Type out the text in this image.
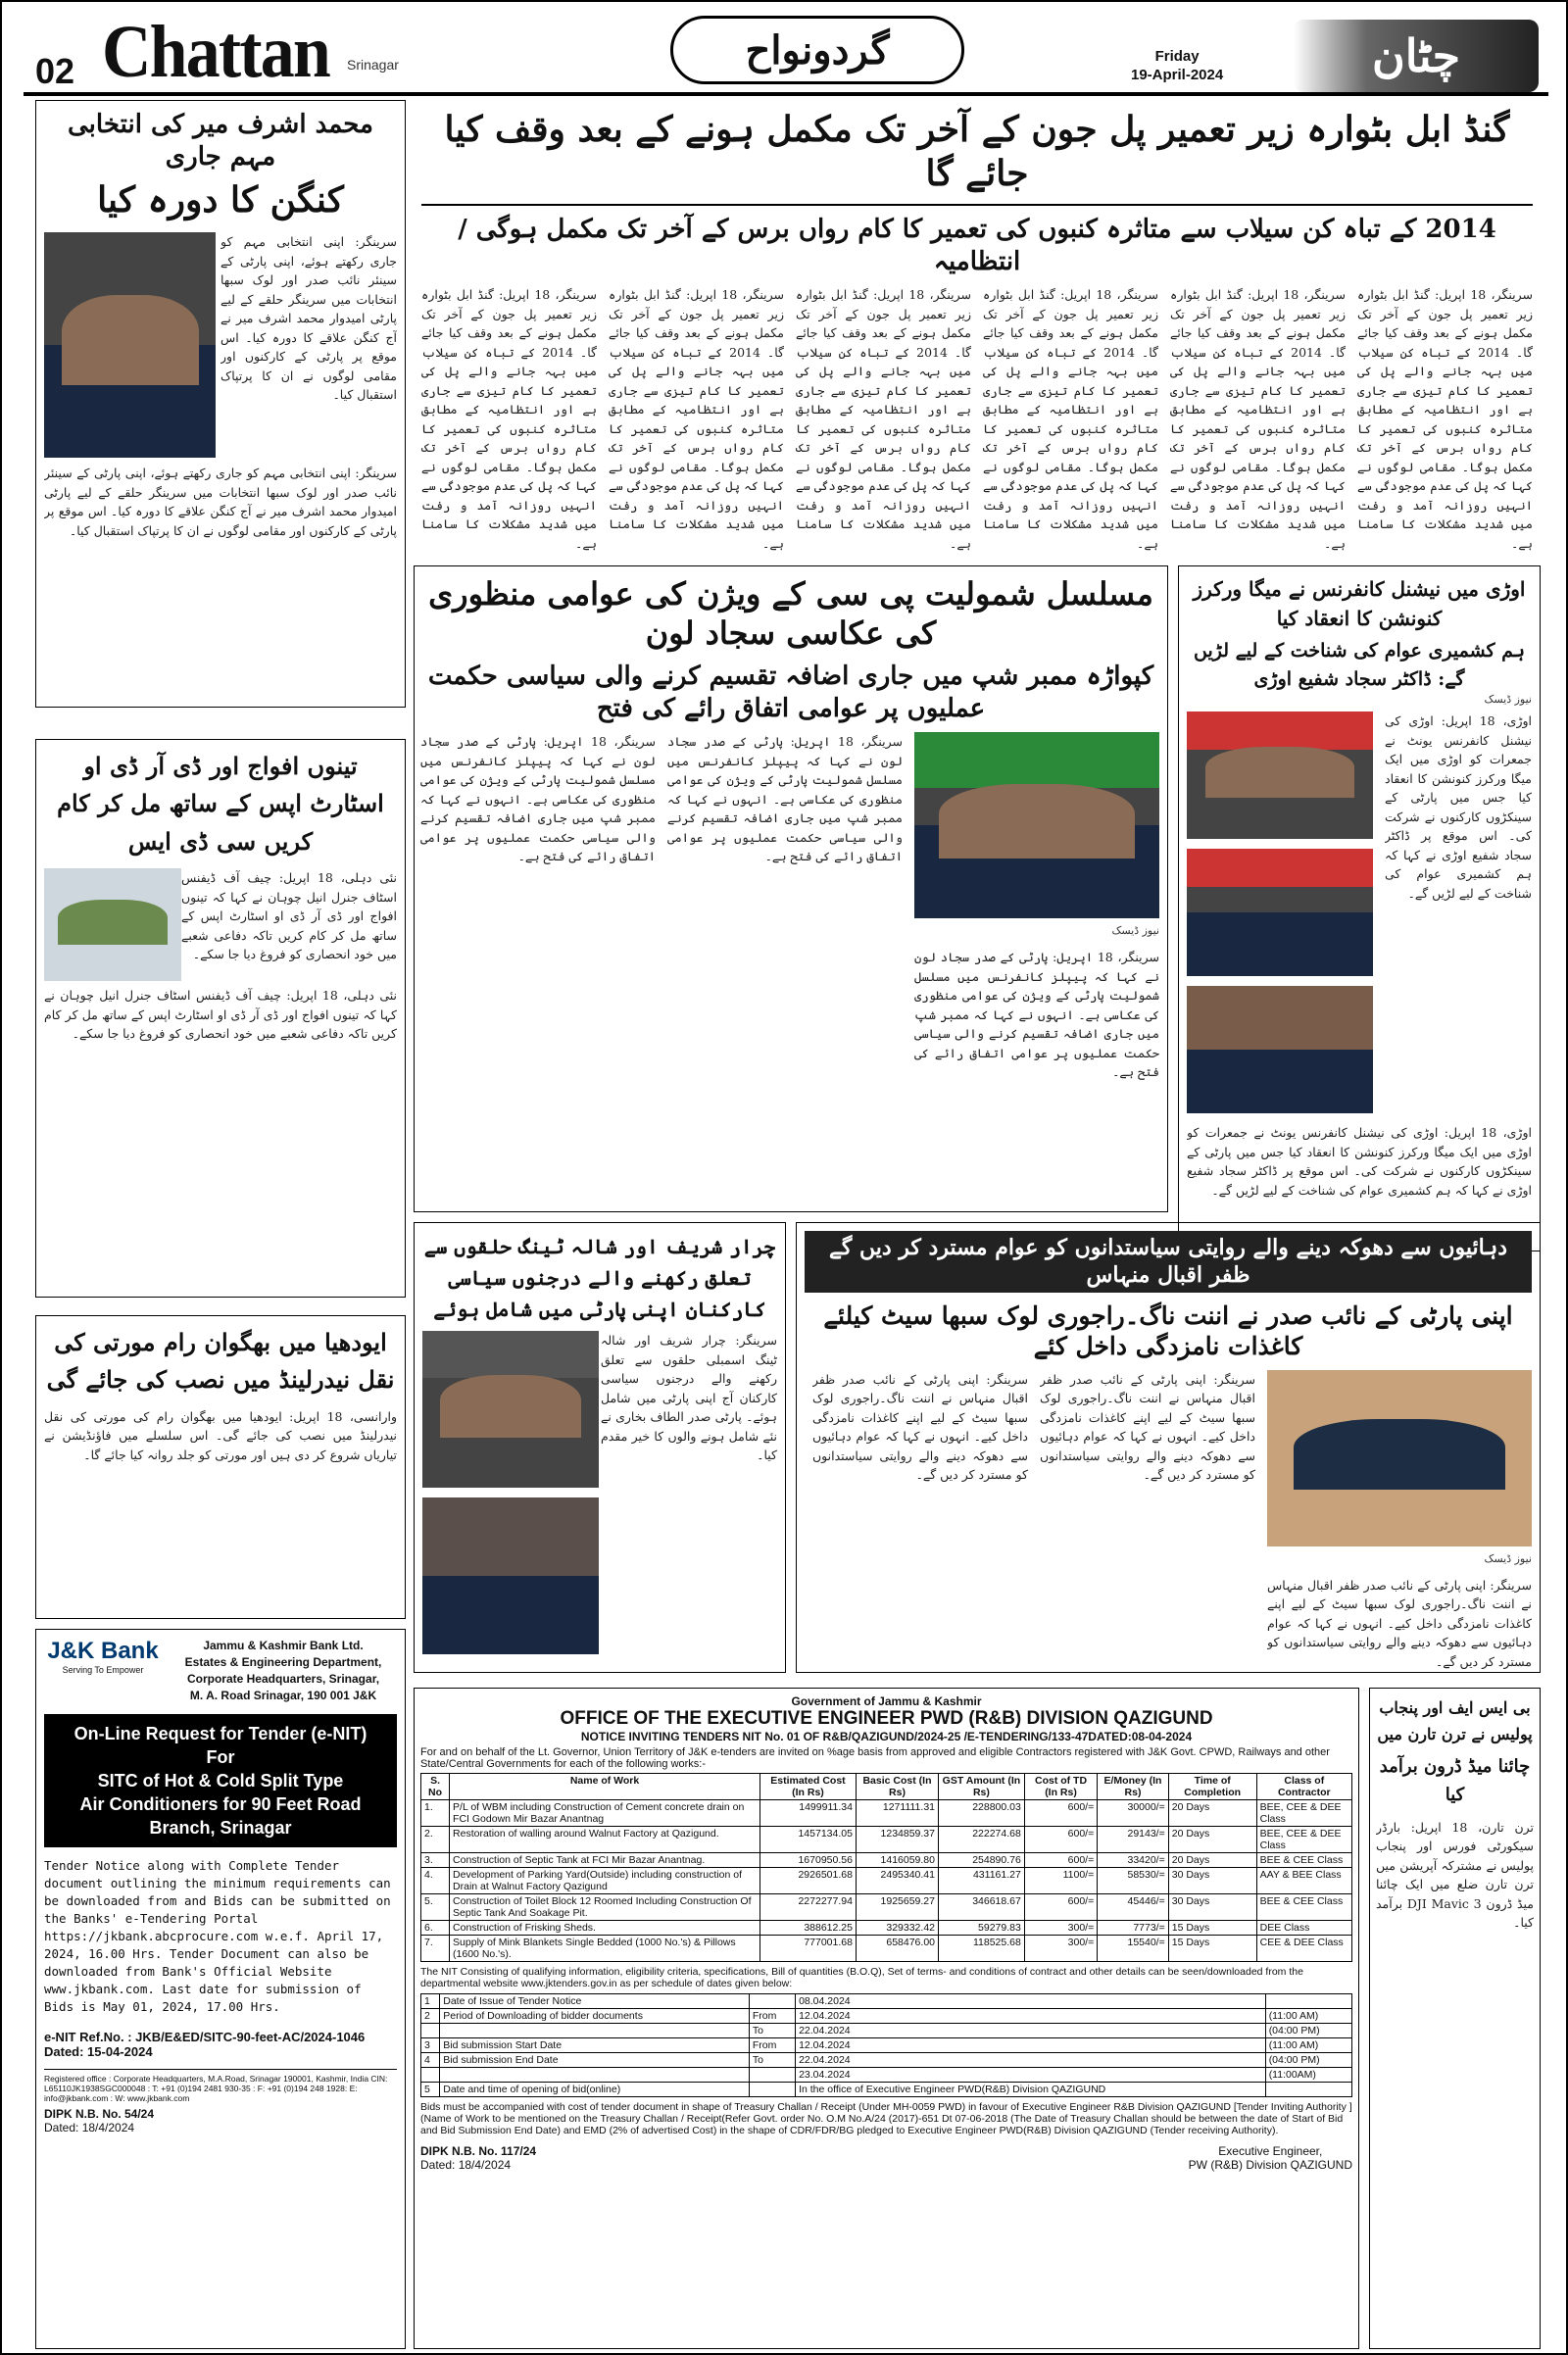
02 Chattan Srinagar	گردونواح	Friday
19-April-2024	چٹان
محمد اشرف میر کی انتخابی مہم جاری
کنگن کا دورہ کیا
سرینگر: اپنی انتخابی مہم کو جاری رکھتے ہوئے، اپنی پارٹی کے سینئر نائب صدر اور لوک سبھا انتخابات میں سرینگر حلقے کے لیے پارٹی امیدوار محمد اشرف میر نے آج کنگن علاقے کا دورہ کیا۔ اس موقع پر پارٹی کے کارکنوں اور مقامی لوگوں نے ان کا پرتپاک استقبال کیا۔
سرینگر: اپنی انتخابی مہم کو جاری رکھتے ہوئے، اپنی پارٹی کے سینئر نائب صدر اور لوک سبھا انتخابات میں سرینگر حلقے کے لیے پارٹی امیدوار محمد اشرف میر نے آج کنگن علاقے کا دورہ کیا۔ اس موقع پر پارٹی کے کارکنوں اور مقامی لوگوں نے ان کا پرتپاک استقبال کیا۔
تینوں افواج اور ڈی آر ڈی او اسٹارٹ اپس کے ساتھ مل کر کام کریں سی ڈی ایس
نئی دہلی، 18 اپریل: چیف آف ڈیفنس اسٹاف جنرل انیل چوہان نے کہا کہ تینوں افواج اور ڈی آر ڈی او اسٹارٹ اپس کے ساتھ مل کر کام کریں تاکہ دفاعی شعبے میں خود انحصاری کو فروغ دیا جا سکے۔
نئی دہلی، 18 اپریل: چیف آف ڈیفنس اسٹاف جنرل انیل چوہان نے کہا کہ تینوں افواج اور ڈی آر ڈی او اسٹارٹ اپس کے ساتھ مل کر کام کریں تاکہ دفاعی شعبے میں خود انحصاری کو فروغ دیا جا سکے۔
ایودھیا میں بھگوان رام مورتی کی نقل نیدرلینڈ میں نصب کی جائے گی
وارانسی، 18 اپریل: ایودھیا میں بھگوان رام کی مورتی کی نقل نیدرلینڈ میں نصب کی جائے گی۔ اس سلسلے میں فاؤنڈیشن نے تیاریاں شروع کر دی ہیں اور مورتی کو جلد روانہ کیا جائے گا۔
J&K Bank
Serving To Empower
Jammu & Kashmir Bank Ltd.
Estates & Engineering Department,
Corporate Headquarters, Srinagar,
M. A. Road Srinagar, 190 001 J&K
On-Line Request for Tender (e-NIT)
For
SITC of Hot & Cold Split Type
Air Conditioners for 90 Feet Road
Branch, Srinagar
Tender Notice along with Complete Tender document outlining the minimum requirements can be downloaded from and Bids can be submitted on the Banks' e-Tendering Portal https://jkbank.abcprocure.com w.e.f. April 17, 2024, 16.00 Hrs. Tender Document can also be downloaded from Bank's Official Website www.jkbank.com. Last date for submission of Bids is May 01, 2024, 17.00 Hrs.
e-NIT Ref.No. : JKB/E&ED/SITC-90-feet-AC/2024-1046
Dated: 15-04-2024
Registered office : Corporate Headquarters, M.A.Road, Srinagar 190001, Kashmir, India CIN: L65110JK1938SGC000048 : T: +91 (0)194 2481 930-35 : F: +91 (0)194 248 1928: E: info@jkbank.com : W: www.jkbank.com
DIPK N.B. No. 54/24
Dated: 18/4/2024
گنڈ ابل بٹوارہ زیر تعمیر پل جون کے آخر تک مکمل ہونے کے بعد وقف کیا جائے گا
2014 کے تباہ کن سیلاب سے متاثرہ کنبوں کی تعمیر کا کام رواں برس کے آخر تک مکمل ہوگی / انتظامیہ
سرینگر، 18 اپریل: گنڈ ابل بٹوارہ زیر تعمیر پل جون کے آخر تک مکمل ہونے کے بعد وقف کیا جائے گا۔ 2014 کے تباہ کن سیلاب میں بہہ جانے والے پل کی تعمیر کا کام تیزی سے جاری ہے اور انتظامیہ کے مطابق متاثرہ کنبوں کی تعمیر کا کام رواں برس کے آخر تک مکمل ہوگا۔ مقامی لوگوں نے کہا کہ پل کی عدم موجودگی سے انہیں روزانہ آمد و رفت میں شدید مشکلات کا سامنا ہے۔
سرینگر، 18 اپریل: گنڈ ابل بٹوارہ زیر تعمیر پل جون کے آخر تک مکمل ہونے کے بعد وقف کیا جائے گا۔ 2014 کے تباہ کن سیلاب میں بہہ جانے والے پل کی تعمیر کا کام تیزی سے جاری ہے اور انتظامیہ کے مطابق متاثرہ کنبوں کی تعمیر کا کام رواں برس کے آخر تک مکمل ہوگا۔ مقامی لوگوں نے کہا کہ پل کی عدم موجودگی سے انہیں روزانہ آمد و رفت میں شدید مشکلات کا سامنا ہے۔
سرینگر، 18 اپریل: گنڈ ابل بٹوارہ زیر تعمیر پل جون کے آخر تک مکمل ہونے کے بعد وقف کیا جائے گا۔ 2014 کے تباہ کن سیلاب میں بہہ جانے والے پل کی تعمیر کا کام تیزی سے جاری ہے اور انتظامیہ کے مطابق متاثرہ کنبوں کی تعمیر کا کام رواں برس کے آخر تک مکمل ہوگا۔ مقامی لوگوں نے کہا کہ پل کی عدم موجودگی سے انہیں روزانہ آمد و رفت میں شدید مشکلات کا سامنا ہے۔
سرینگر، 18 اپریل: گنڈ ابل بٹوارہ زیر تعمیر پل جون کے آخر تک مکمل ہونے کے بعد وقف کیا جائے گا۔ 2014 کے تباہ کن سیلاب میں بہہ جانے والے پل کی تعمیر کا کام تیزی سے جاری ہے اور انتظامیہ کے مطابق متاثرہ کنبوں کی تعمیر کا کام رواں برس کے آخر تک مکمل ہوگا۔ مقامی لوگوں نے کہا کہ پل کی عدم موجودگی سے انہیں روزانہ آمد و رفت میں شدید مشکلات کا سامنا ہے۔
سرینگر، 18 اپریل: گنڈ ابل بٹوارہ زیر تعمیر پل جون کے آخر تک مکمل ہونے کے بعد وقف کیا جائے گا۔ 2014 کے تباہ کن سیلاب میں بہہ جانے والے پل کی تعمیر کا کام تیزی سے جاری ہے اور انتظامیہ کے مطابق متاثرہ کنبوں کی تعمیر کا کام رواں برس کے آخر تک مکمل ہوگا۔ مقامی لوگوں نے کہا کہ پل کی عدم موجودگی سے انہیں روزانہ آمد و رفت میں شدید مشکلات کا سامنا ہے۔
سرینگر، 18 اپریل: گنڈ ابل بٹوارہ زیر تعمیر پل جون کے آخر تک مکمل ہونے کے بعد وقف کیا جائے گا۔ 2014 کے تباہ کن سیلاب میں بہہ جانے والے پل کی تعمیر کا کام تیزی سے جاری ہے اور انتظامیہ کے مطابق متاثرہ کنبوں کی تعمیر کا کام رواں برس کے آخر تک مکمل ہوگا۔ مقامی لوگوں نے کہا کہ پل کی عدم موجودگی سے انہیں روزانہ آمد و رفت میں شدید مشکلات کا سامنا ہے۔
اوڑی میں نیشنل کانفرنس نے میگا ورکرز کنونشن کا انعقاد کیا
ہم کشمیری عوام کی شناخت کے لیے لڑیں گے: ڈاکٹر سجاد شفیع اوڑی
نیوز ڈیسک
اوڑی، 18 اپریل: اوڑی کی نیشنل کانفرنس یونٹ نے جمعرات کو اوڑی میں ایک میگا ورکرز کنونشن کا انعقاد کیا جس میں پارٹی کے سینکڑوں کارکنوں نے شرکت کی۔ اس موقع پر ڈاکٹر سجاد شفیع اوڑی نے کہا کہ ہم کشمیری عوام کی شناخت کے لیے لڑیں گے۔
اوڑی، 18 اپریل: اوڑی کی نیشنل کانفرنس یونٹ نے جمعرات کو اوڑی میں ایک میگا ورکرز کنونشن کا انعقاد کیا جس میں پارٹی کے سینکڑوں کارکنوں نے شرکت کی۔ اس موقع پر ڈاکٹر سجاد شفیع اوڑی نے کہا کہ ہم کشمیری عوام کی شناخت کے لیے لڑیں گے۔
مسلسل شمولیت پی سی کے ویژن کی عوامی منظوری کی عکاسی سجاد لون
کپواڑہ ممبر شپ میں جاری اضافہ تقسیم کرنے والی سیاسی حکمت عملیوں پر عوامی اتفاق رائے کی فتح
نیوز ڈیسک
سرینگر، 18 اپریل: پارٹی کے صدر سجاد لون نے کہا کہ پیپلز کانفرنس میں مسلسل شمولیت پارٹی کے ویژن کی عوامی منظوری کی عکاسی ہے۔ انہوں نے کہا کہ ممبر شپ میں جاری اضافہ تقسیم کرنے والی سیاسی حکمت عملیوں پر عوامی اتفاق رائے کی فتح ہے۔
سرینگر، 18 اپریل: پارٹی کے صدر سجاد لون نے کہا کہ پیپلز کانفرنس میں مسلسل شمولیت پارٹی کے ویژن کی عوامی منظوری کی عکاسی ہے۔ انہوں نے کہا کہ ممبر شپ میں جاری اضافہ تقسیم کرنے والی سیاسی حکمت عملیوں پر عوامی اتفاق رائے کی فتح ہے۔
سرینگر، 18 اپریل: پارٹی کے صدر سجاد لون نے کہا کہ پیپلز کانفرنس میں مسلسل شمولیت پارٹی کے ویژن کی عوامی منظوری کی عکاسی ہے۔ انہوں نے کہا کہ ممبر شپ میں جاری اضافہ تقسیم کرنے والی سیاسی حکمت عملیوں پر عوامی اتفاق رائے کی فتح ہے۔
چرار شریف اور شالہ ٹینگ حلقوں سے تعلق رکھنے والے درجنوں سیاسی کارکنان اپنی پارٹی میں شامل ہوئے
سرینگر: چرار شریف اور شالہ ٹینگ اسمبلی حلقوں سے تعلق رکھنے والے درجنوں سیاسی کارکنان آج اپنی پارٹی میں شامل ہوئے۔ پارٹی صدر الطاف بخاری نے نئے شامل ہونے والوں کا خیر مقدم کیا۔
دہائیوں سے دھوکہ دینے والے روایتی سیاستدانوں کو عوام مسترد کر دیں گے ظفر اقبال منہاس
اپنی پارٹی کے نائب صدر نے اننت ناگ۔راجوری لوک سبھا سیٹ کیلئے کاغذات نامزدگی داخل کئے
نیوز ڈیسک
سرینگر: اپنی پارٹی کے نائب صدر ظفر اقبال منہاس نے اننت ناگ۔راجوری لوک سبھا سیٹ کے لیے اپنے کاغذات نامزدگی داخل کیے۔ انہوں نے کہا کہ عوام دہائیوں سے دھوکہ دینے والے روایتی سیاستدانوں کو مسترد کر دیں گے۔
سرینگر: اپنی پارٹی کے نائب صدر ظفر اقبال منہاس نے اننت ناگ۔راجوری لوک سبھا سیٹ کے لیے اپنے کاغذات نامزدگی داخل کیے۔ انہوں نے کہا کہ عوام دہائیوں سے دھوکہ دینے والے روایتی سیاستدانوں کو مسترد کر دیں گے۔
سرینگر: اپنی پارٹی کے نائب صدر ظفر اقبال منہاس نے اننت ناگ۔راجوری لوک سبھا سیٹ کے لیے اپنے کاغذات نامزدگی داخل کیے۔ انہوں نے کہا کہ عوام دہائیوں سے دھوکہ دینے والے روایتی سیاستدانوں کو مسترد کر دیں گے۔
بی ایس ایف اور پنجاب پولیس نے ترن تارن میں
چائنا میڈ ڈرون برآمد کیا
ترن تارن، 18 اپریل: بارڈر سیکورٹی فورس اور پنجاب پولیس نے مشترکہ آپریشن میں ترن تارن ضلع میں ایک چائنا میڈ ڈرون DJI Mavic 3 برآمد کیا۔
Government of Jammu & Kashmir
OFFICE OF THE EXECUTIVE ENGINEER PWD (R&B) DIVISION QAZIGUND
NOTICE INVITING TENDERS NIT No. 01 OF R&B/QAZIGUND/2024-25 /E-TENDERING/133-47DATED:08-04-2024
For and on behalf of the Lt. Governor, Union Territory of J&K e-tenders are invited on %age basis from approved and eligible Contractors registered with J&K Govt. CPWD, Railways and other State/Central Governments for each of the following works:-
S. No	Name of Work	Estimated Cost (In Rs)	Basic Cost (In Rs)	GST Amount (In Rs)	Cost of TD (In Rs)	E/Money (In Rs)	Time of Completion	Class of Contractor
1.	P/L of WBM including Construction of Cement concrete drain on FCI Godown Mir Bazar Anantnag	1499911.34	1271111.31	228800.03	600/=	30000/=	20 Days	BEE, CEE & DEE Class
2.	Restoration of walling around Walnut Factory at Qazigund.	1457134.05	1234859.37	222274.68	600/=	29143/=	20 Days	BEE, CEE & DEE Class
3.	Construction of Septic Tank at FCI Mir Bazar Anantnag.	1670950.56	1416059.80	254890.76	600/=	33420/=	20 Days	BEE & CEE Class
4.	Development of Parking Yard(Outside) including construction of Drain at Walnut Factory Qazigund	2926501.68	2495340.41	431161.27	1100/=	58530/=	30 Days	AAY & BEE Class
5.	Construction of Toilet Block 12 Roomed Including Construction Of Septic Tank And Soakage Pit.	2272277.94	1925659.27	346618.67	600/=	45446/=	30 Days	BEE & CEE Class
6.	Construction of Frisking Sheds.	388612.25	329332.42	59279.83	300/=	7773/=	15 Days	DEE Class
7.	Supply of Mink Blankets Single Bedded (1000 No.'s) & Pillows (1600 No.'s).	777001.68	658476.00	118525.68	300/=	15540/=	15 Days	CEE & DEE Class
The NIT Consisting of qualifying information, eligibility criteria, specifications, Bill of quantities (B.O.Q), Set of terms- and conditions of contract and other details can be seen/downloaded from the departmental website www.jktenders.gov.in as per schedule of dates given below:
1	Date of Issue of Tender Notice		08.04.2024	
2	Period of Downloading of bidder documents	From	12.04.2024	(11:00 AM)
		To	22.04.2024	(04:00 PM)
3	Bid submission Start Date	From	12.04.2024	(11:00 AM)
4	Bid submission End Date	To	22.04.2024	(04:00 PM)
			23.04.2024	(11:00AM)
5	Date and time of opening of bid(online)		In the office of Executive Engineer PWD(R&B) Division QAZIGUND	
Bids must be accompanied with cost of tender document in shape of Treasury Challan / Receipt (Under MH-0059 PWD) in favour of Executive Engineer R&B Division QAZIGUND [Tender Inviting Authority ](Name of Work to be mentioned on the Treasury Challan / Receipt(Refer Govt. order No. O.M No.A/24 (2017)-651 Dt 07-06-2018 (The Date of Treasury Challan should be between the date of Start of Bid and Bid Submission End Date) and EMD (2% of advertised Cost) in the shape of CDR/FDR/BG pledged to Executive Engineer PWD(R&B) Division QAZIGUND (Tender receiving Authority).
DIPK N.B. No. 117/24
Dated: 18/4/2024
Executive Engineer,
PW (R&B) Division QAZIGUND
